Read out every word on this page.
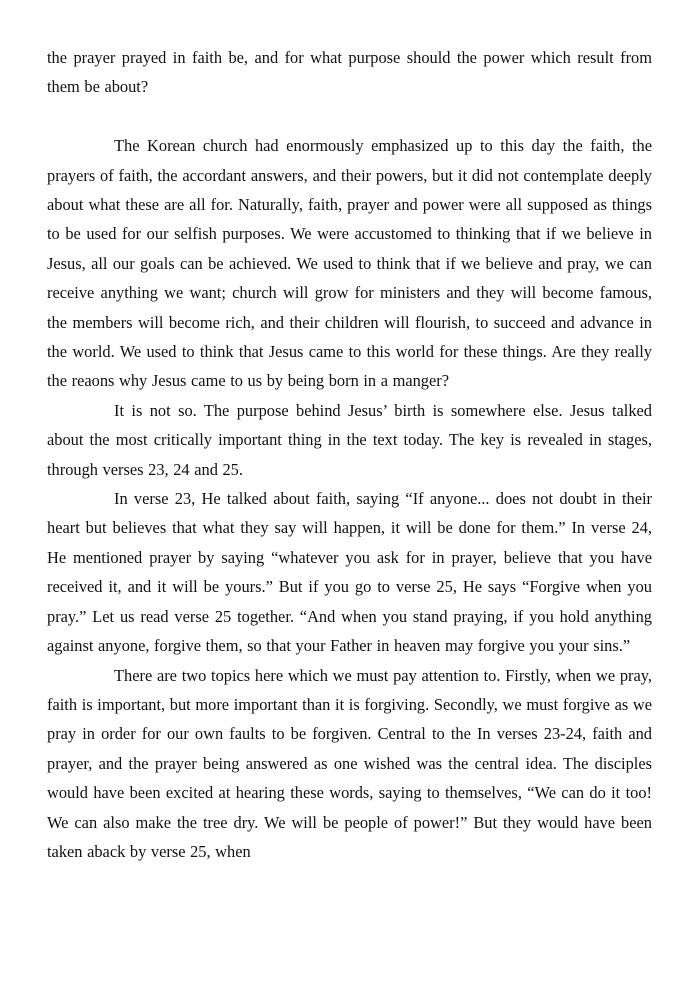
the prayer prayed in faith be, and for what purpose should the power which result from them be about?

The Korean church had enormously emphasized up to this day the faith, the prayers of faith, the accordant answers, and their powers, but it did not contemplate deeply about what these are all for. Naturally, faith, prayer and power were all supposed as things to be used for our selfish purposes. We were accustomed to thinking that if we believe in Jesus, all our goals can be achieved. We used to think that if we believe and pray, we can receive anything we want; church will grow for ministers and they will become famous, the members will become rich, and their children will flourish, to succeed and advance in the world. We used to think that Jesus came to this world for these things. Are they really the reaons why Jesus came to us by being born in a manger?

It is not so. The purpose behind Jesus’ birth is somewhere else. Jesus talked about the most critically important thing in the text today. The key is revealed in stages, through verses 23, 24 and 25.

In verse 23, He talked about faith, saying “If anyone... does not doubt in their heart but believes that what they say will happen, it will be done for them.” In verse 24, He mentioned prayer by saying “whatever you ask for in prayer, believe that you have received it, and it will be yours.” But if you go to verse 25, He says “Forgive when you pray.” Let us read verse 25 together. “And when you stand praying, if you hold anything against anyone, forgive them, so that your Father in heaven may forgive you your sins.”

There are two topics here which we must pay attention to. Firstly, when we pray, faith is important, but more important than it is forgiving. Secondly, we must forgive as we pray in order for our own faults to be forgiven. Central to the In verses 23-24, faith and prayer, and the prayer being answered as one wished was the central idea. The disciples would have been excited at hearing these words, saying to themselves, “We can do it too! We can also make the tree dry. We will be people of power!” But they would have been taken aback by verse 25, when
